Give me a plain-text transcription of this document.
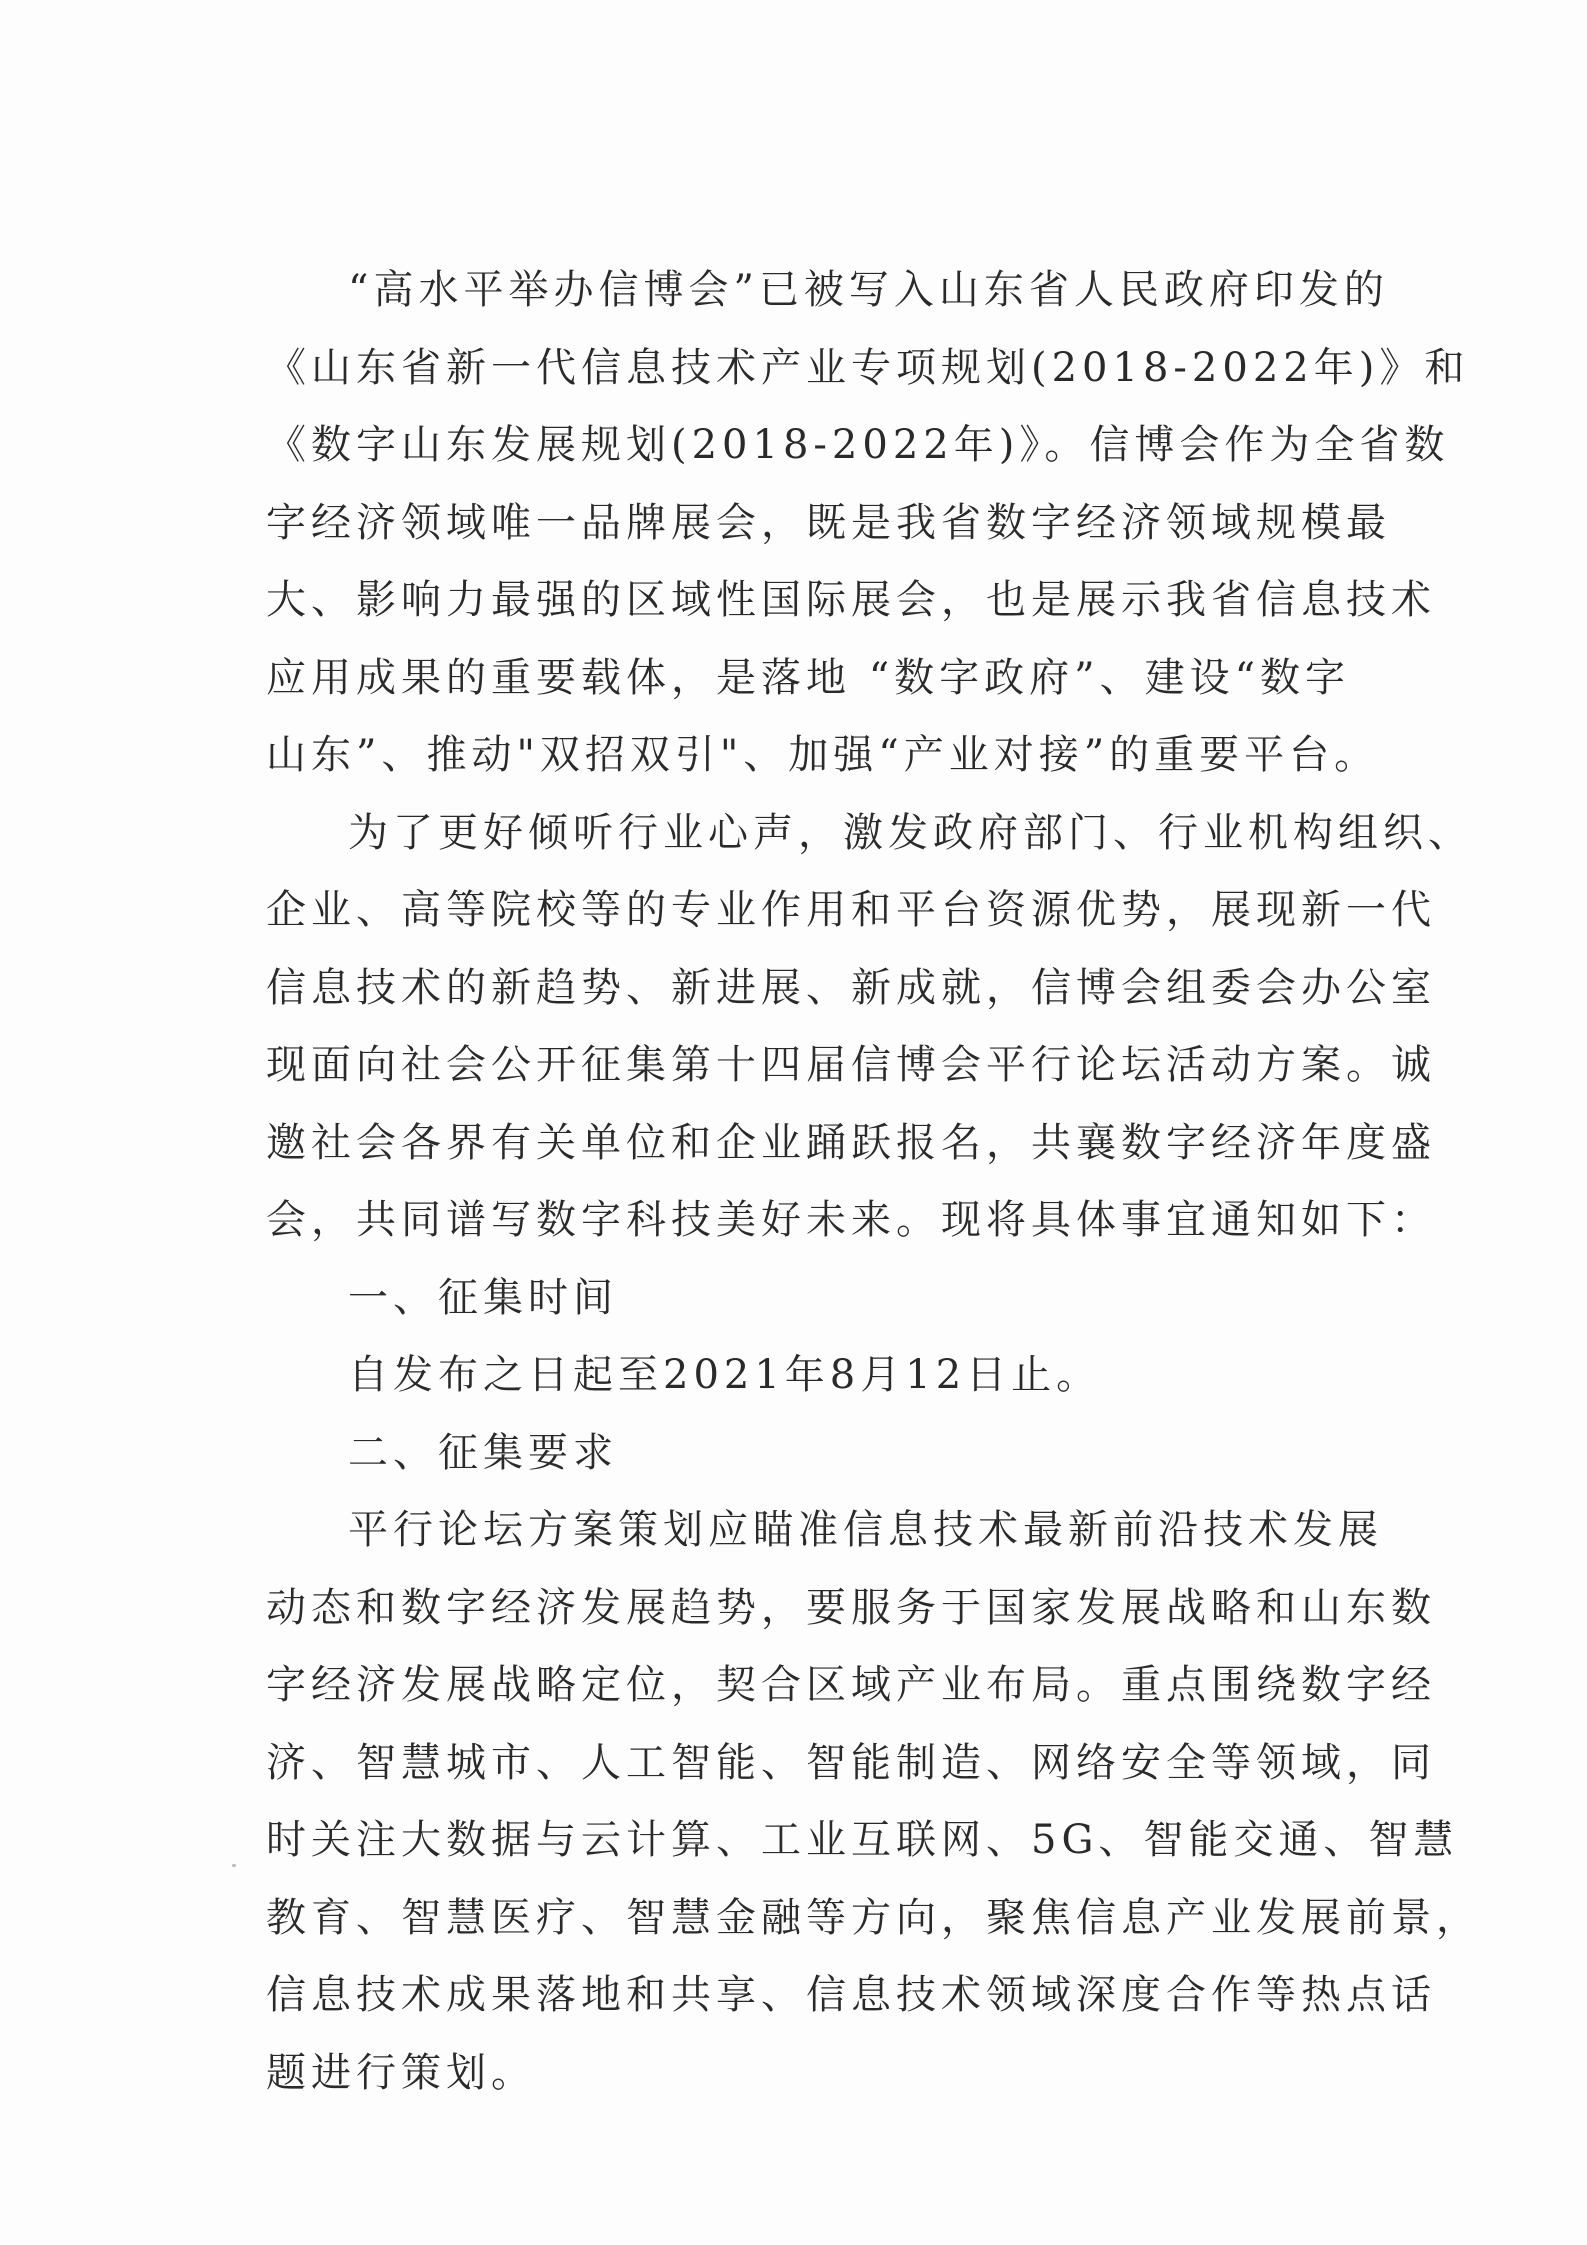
“高水平举办信博会”已被写入山东省人民政府印发的
《山东省新一代信息技术产业专项规划(2018-2022年)》和
《数字山东发展规划(2018-2022年)》。信博会作为全省数
字经济领域唯一品牌展会，既是我省数字经济领域规模最
大、影响力最强的区域性国际展会，也是展示我省信息技术
应用成果的重要载体，是落地 “数字政府”、建设“数字
山东”、推动"双招双引"、加强“产业对接”的重要平台。
为了更好倾听行业心声，激发政府部门、行业机构组织、
企业、高等院校等的专业作用和平台资源优势，展现新一代
信息技术的新趋势、新进展、新成就，信博会组委会办公室
现面向社会公开征集第十四届信博会平行论坛活动方案。诚
邀社会各界有关单位和企业踊跃报名，共襄数字经济年度盛
会，共同谱写数字科技美好未来。现将具体事宜通知如下：
一、征集时间
自发布之日起至2021年8月12日止。
二、征集要求
平行论坛方案策划应瞄准信息技术最新前沿技术发展
动态和数字经济发展趋势，要服务于国家发展战略和山东数
字经济发展战略定位，契合区域产业布局。重点围绕数字经
济、智慧城市、人工智能、智能制造、网络安全等领域，同
时关注大数据与云计算、工业互联网、5G、智能交通、智慧
教育、智慧医疗、智慧金融等方向，聚焦信息产业发展前景，
信息技术成果落地和共享、信息技术领域深度合作等热点话
题进行策划。
